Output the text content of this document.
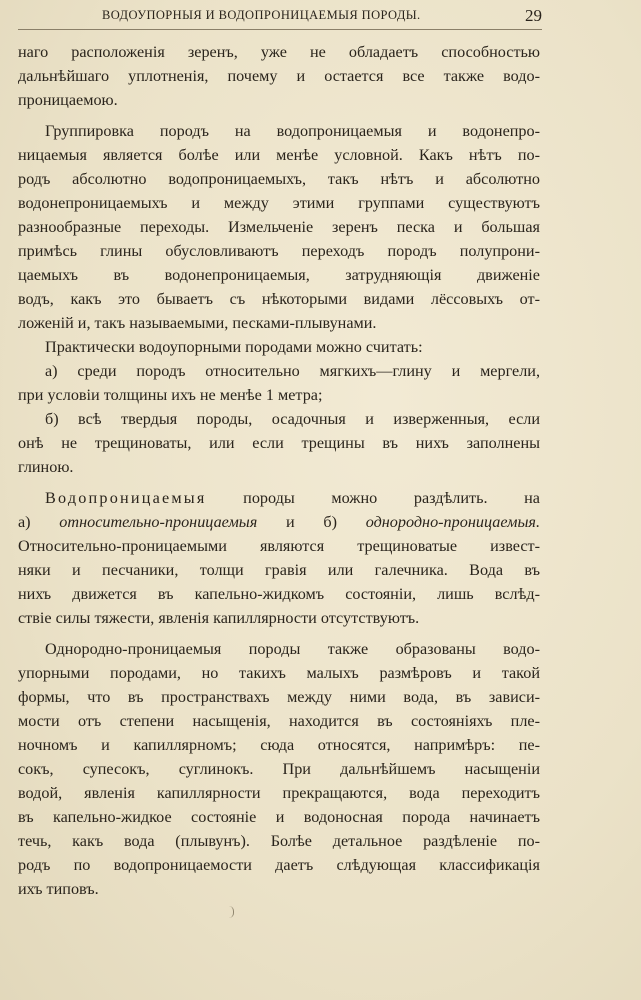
ВОДОУПОРНЫЯ И ВОДОПРОНИЦАЕМЫЯ ПОРОДЫ.	29
наго расположенія зеренъ, уже не обладаетъ способностью
дальнѣйшаго уплотненія, почему и остается все также водо-
проницаемою.
Группировка породъ на водопроницаемыя и водонепро-
ницаемыя является болѣе или менѣе условной. Какъ нѣтъ по-
родъ абсолютно водопроницаемыхъ, такъ нѣтъ и абсолютно
водонепроницаемыхъ и между этими группами существуютъ
разнообразные переходы. Измельченіе зеренъ песка и большая
примѣсь глины обусловливаютъ переходъ породъ полупрони-
цаемыхъ въ водонепроницаемыя, затрудняющія движеніе
водъ, какъ это бываетъ съ нѣкоторыми видами лёссовыхъ от-
ложеній и, такъ называемыми, песками-плывунами.
Практически водоупорными породами можно считать:
а) среди породъ относительно мягкихъ—глину и мергели,
при условіи толщины ихъ не менѣе 1 метра;
б) всѣ твердыя породы, осадочныя и изверженныя, если
онѣ не трещиноваты, или если трещины въ нихъ заполнены
глиною.
Водопроницаемыя породы можно раздѣлить. на
а) относительно-проницаемыя и б) однородно-проницаемыя.
Относительно-проницаемыми являются трещиноватые извест-
няки и песчаники, толщи гравія или галечника. Вода въ
нихъ движется въ капельно-жидкомъ состояніи, лишь вслѣд-
ствіе силы тяжести, явленія капиллярности отсутствуютъ.
Однородно-проницаемыя породы также образованы водо-
упорными породами, но такихъ малыхъ размѣровъ и такой
формы, что въ пространствахъ между ними вода, въ зависи-
мости отъ степени насыщенія, находится въ состояніяхъ пле-
ночномъ и капиллярномъ; сюда относятся, напримѣръ: пе-
сокъ, супесокъ, суглинокъ. При дальнѣйшемъ насыщеніи
водой, явленія капиллярности прекращаются, вода переходитъ
въ капельно-жидкое состояніе и водоносная порода начинаетъ
течь, какъ вода (плывунъ). Болѣе детальное раздѣленіе по-
родъ по водопроницаемости даетъ слѣдующая классификація
ихъ типовъ.
